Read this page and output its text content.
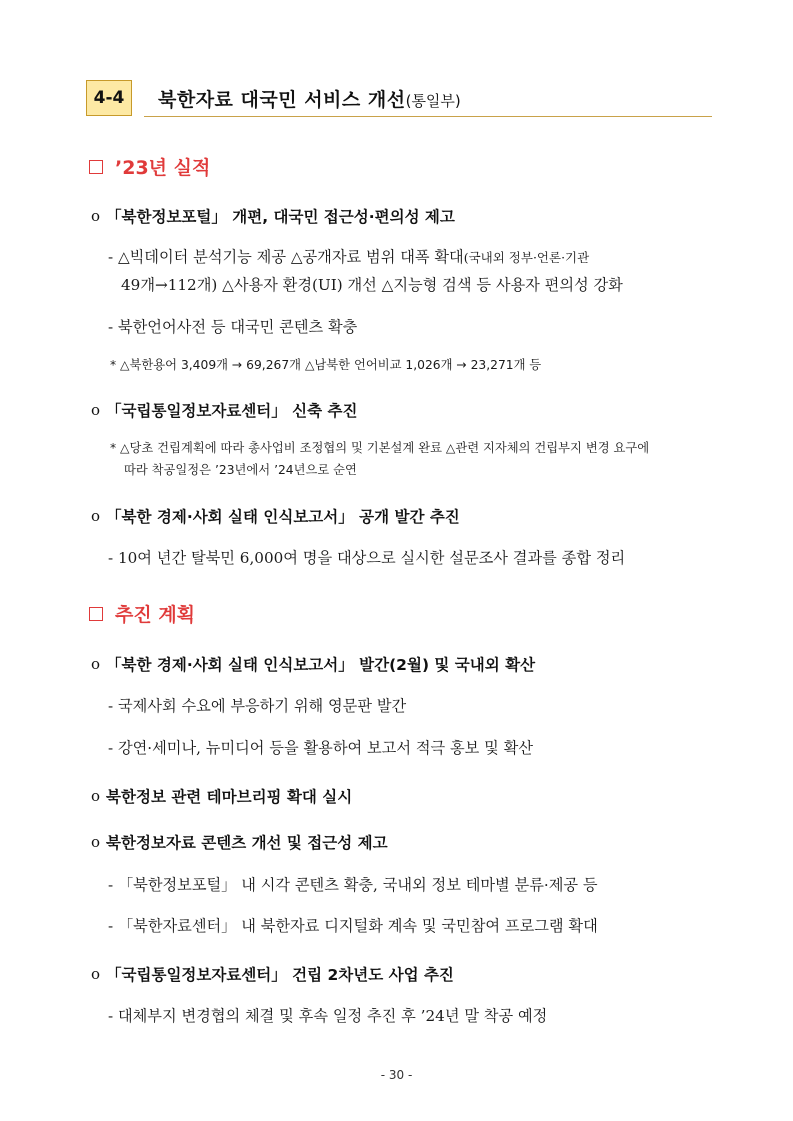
4-4	북한자료 대국민 서비스 개선(통일부)
’23년 실적
o 「북한정보포털」 개편, 대국민 접근성·편의성 제고
- △빅데이터 분석기능 제공 △공개자료 범위 대폭 확대(국내외 정부·언론·기관
49개→112개) △사용자 환경(UI) 개선 △지능형 검색 등 사용자 편의성 강화
- 북한언어사전 등 대국민 콘텐츠 확충
* △북한용어 3,409개 → 69,267개 △남북한 언어비교 1,026개 → 23,271개 등
o 「국립통일정보자료센터」 신축 추진
* △당초 건립계획에 따라 총사업비 조정협의 및 기본설계 완료 △관련 지자체의 건립부지 변경 요구에
따라 착공일정은 ’23년에서 ’24년으로 순연
o 「북한 경제·사회 실태 인식보고서」 공개 발간 추진
- 10여 년간 탈북민 6,000여 명을 대상으로 실시한 설문조사 결과를 종합 정리
추진 계획
o 「북한 경제·사회 실태 인식보고서」 발간(2월) 및 국내외 확산
- 국제사회 수요에 부응하기 위해 영문판 발간
- 강연·세미나, 뉴미디어 등을 활용하여 보고서 적극 홍보 및 확산
o 북한정보 관련 테마브리핑 확대 실시
o 북한정보자료 콘텐츠 개선 및 접근성 제고
- 「북한정보포털」 내 시각 콘텐츠 확충, 국내외 정보 테마별 분류·제공 등
- 「북한자료센터」 내 북한자료 디지털화 계속 및 국민참여 프로그램 확대
o 「국립통일정보자료센터」 건립 2차년도 사업 추진
- 대체부지 변경협의 체결 및 후속 일정 추진 후 ’24년 말 착공 예정
- 30 -
